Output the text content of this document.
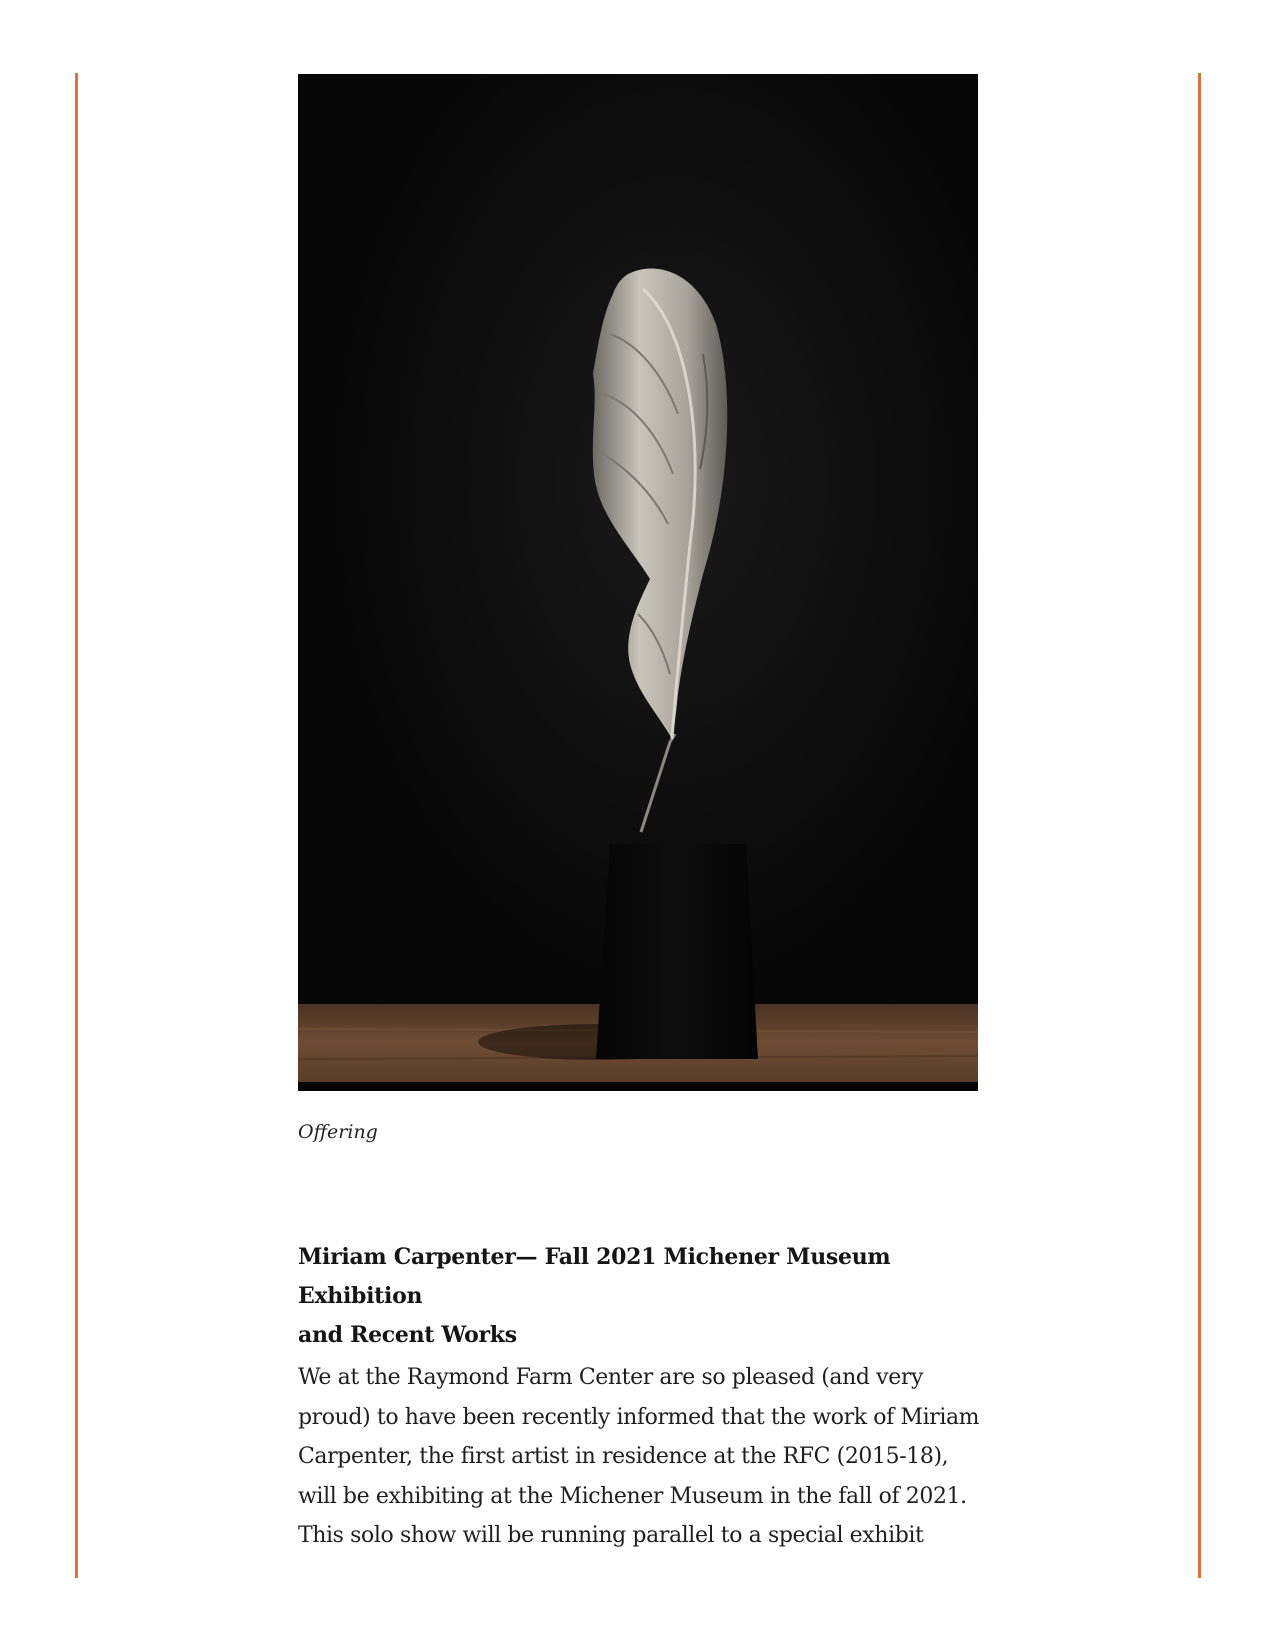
Offering
Miriam Carpenter— Fall 2021 Michener Museum Exhibition
and Recent Works
We at the Raymond Farm Center are so pleased (and very
proud) to have been recently informed that the work of Miriam
Carpenter, the first artist in residence at the RFC (2015-18),
will be exhibiting at the Michener Museum in the fall of 2021.
This solo show will be running parallel to a special exhibit
